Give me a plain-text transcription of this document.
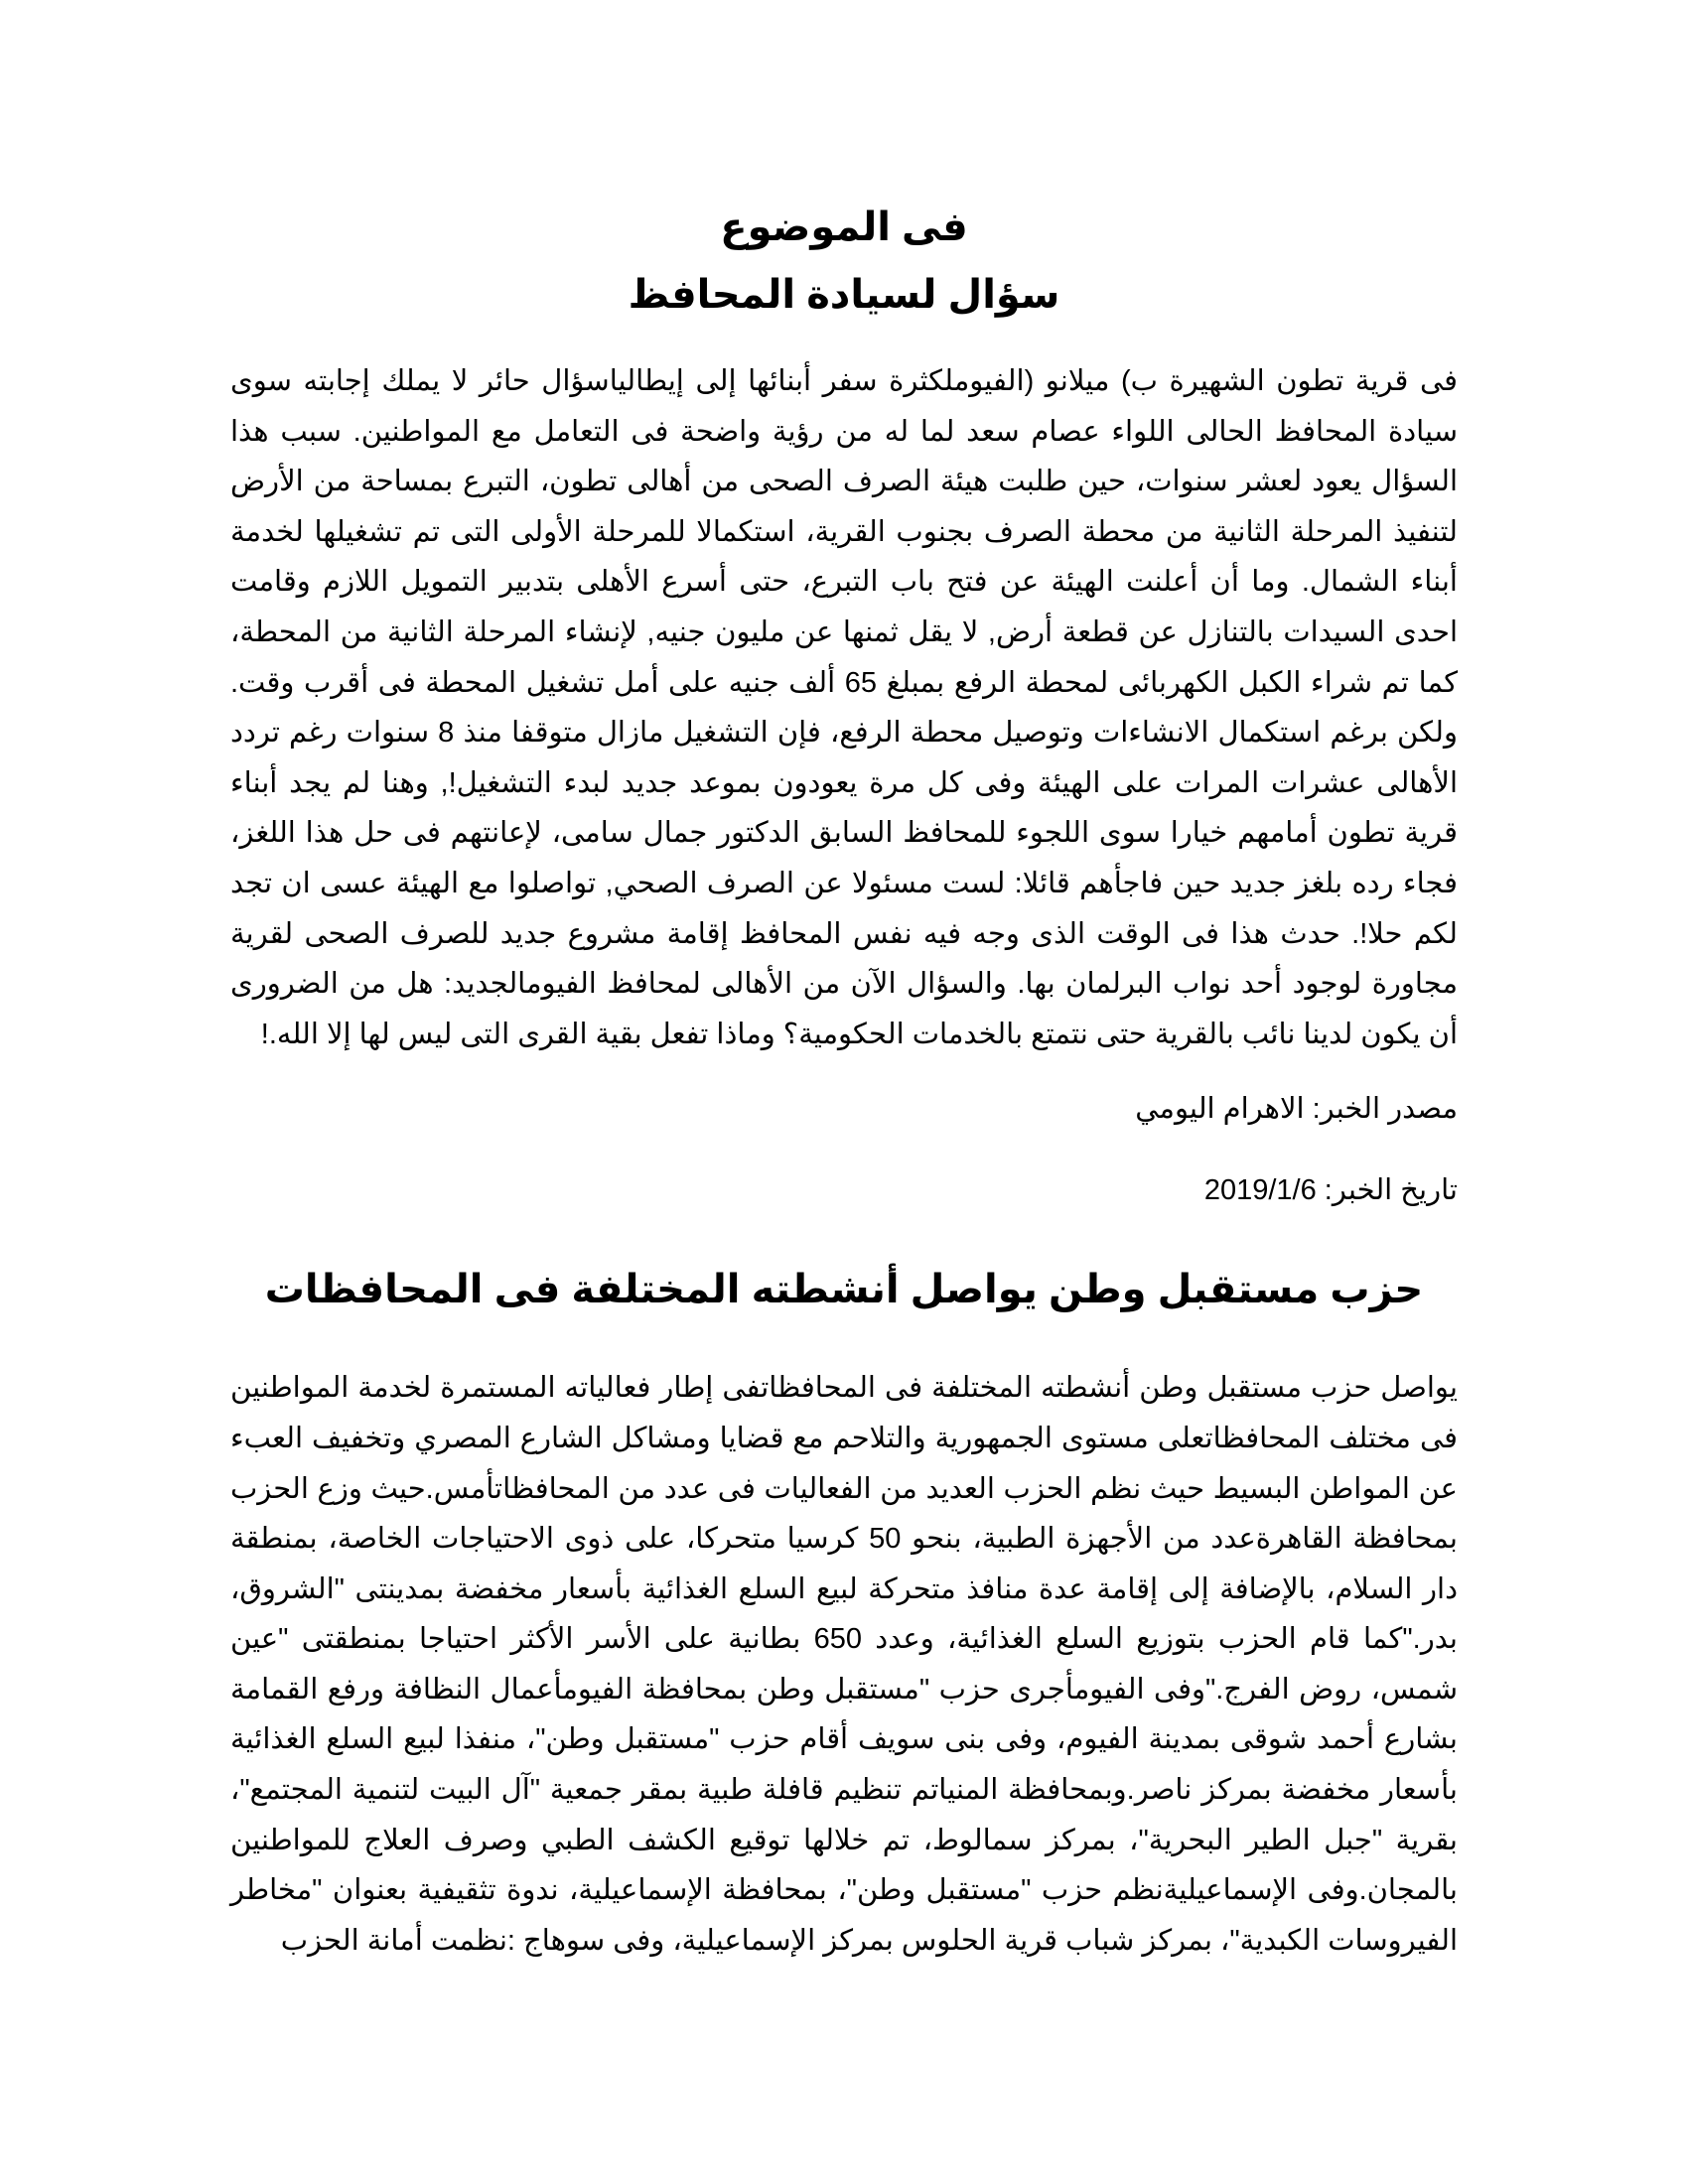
فى الموضوع
سؤال لسيادة المحافظ

فى قرية تطون الشهيرة ب) ميلانو (الفيوملكثرة سفر أبنائها إلى إيطالياسؤال حائر لا يملك إجابته سوى سيادة المحافظ الحالى اللواء عصام سعد لما له من رؤية واضحة فى التعامل مع المواطنين. سبب هذا السؤال يعود لعشر سنوات، حين طلبت هيئة الصرف الصحى من أهالى تطون، التبرع بمساحة من الأرض لتنفيذ المرحلة الثانية من محطة الصرف بجنوب القرية، استكمالا للمرحلة الأولى التى تم تشغيلها لخدمة أبناء الشمال. وما أن أعلنت الهيئة عن فتح باب التبرع، حتى أسرع الأهلى بتدبير التمويل اللازم وقامت احدى السيدات بالتنازل عن قطعة أرض, لا يقل ثمنها عن مليون جنيه, لإنشاء المرحلة الثانية من المحطة، كما تم شراء الكبل الكهربائى لمحطة الرفع بمبلغ 65 ألف جنيه على أمل تشغيل المحطة فى أقرب وقت. ولكن برغم استكمال الانشاءات وتوصيل محطة الرفع، فإن التشغيل مازال متوقفا منذ 8 سنوات رغم تردد الأهالى عشرات المرات على الهيئة وفى كل مرة يعودون بموعد جديد لبدء التشغيل!, وهنا لم يجد أبناء قرية تطون أمامهم خيارا سوى اللجوء للمحافظ السابق الدكتور جمال سامى، لإعانتهم فى حل هذا اللغز، فجاء رده بلغز جديد حين فاجأهم قائلا: لست مسئولا عن الصرف الصحي, تواصلوا مع الهيئة عسى ان تجد لكم حلا!. حدث هذا فى الوقت الذى وجه فيه نفس المحافظ إقامة مشروع جديد للصرف الصحى لقرية مجاورة لوجود أحد نواب البرلمان بها. والسؤال الآن من الأهالى لمحافظ الفيومالجديد: هل من الضرورى أن يكون لدينا نائب بالقرية حتى نتمتع بالخدمات الحكومية؟ وماذا تفعل بقية القرى التى ليس لها إلا الله.!

مصدر الخبر: الاهرام اليومي

تاريخ الخبر: 2019/1/6

حزب مستقبل وطن يواصل أنشطته المختلفة فى المحافظات

يواصل حزب مستقبل وطن أنشطته المختلفة فى المحافظاتفى إطار فعالياته المستمرة لخدمة المواطنين فى مختلف المحافظاتعلى مستوى الجمهورية والتلاحم مع قضايا ومشاكل الشارع المصري وتخفيف العبء عن المواطن البسيط حيث نظم الحزب العديد من الفعاليات فى عدد من المحافظاتأمس.حيث وزع الحزب بمحافظة القاهرةعدد من الأجهزة الطبية، بنحو 50 كرسيا متحركا، على ذوى الاحتياجات الخاصة، بمنطقة دار السلام، بالإضافة إلى إقامة عدة منافذ متحركة لبيع السلع الغذائية بأسعار مخفضة بمدينتى "الشروق، بدر."كما قام الحزب بتوزيع السلع الغذائية، وعدد 650 بطانية على الأسر الأكثر احتياجا بمنطقتى "عين شمس، روض الفرج."وفى الفيومأجرى حزب "مستقبل وطن بمحافظة الفيومأعمال النظافة ورفع القمامة بشارع أحمد شوقى بمدينة الفيوم، وفى بنى سويف أقام حزب "مستقبل وطن"، منفذا لبيع السلع الغذائية بأسعار مخفضة بمركز ناصر.وبمحافظة المنياتم تنظيم قافلة طبية بمقر جمعية "آل البيت لتنمية المجتمع"، بقرية "جبل الطير البحرية"، بمركز سمالوط، تم خلالها توقيع الكشف الطبي وصرف العلاج للمواطنين بالمجان.وفى الإسماعيليةنظم حزب "مستقبل وطن"، بمحافظة الإسماعيلية، ندوة تثقيفية بعنوان "مخاطر الفيروسات الكبدية"، بمركز شباب قرية الحلوس بمركز الإسماعيلية، وفى سوهاج :نظمت أمانة الحزب
